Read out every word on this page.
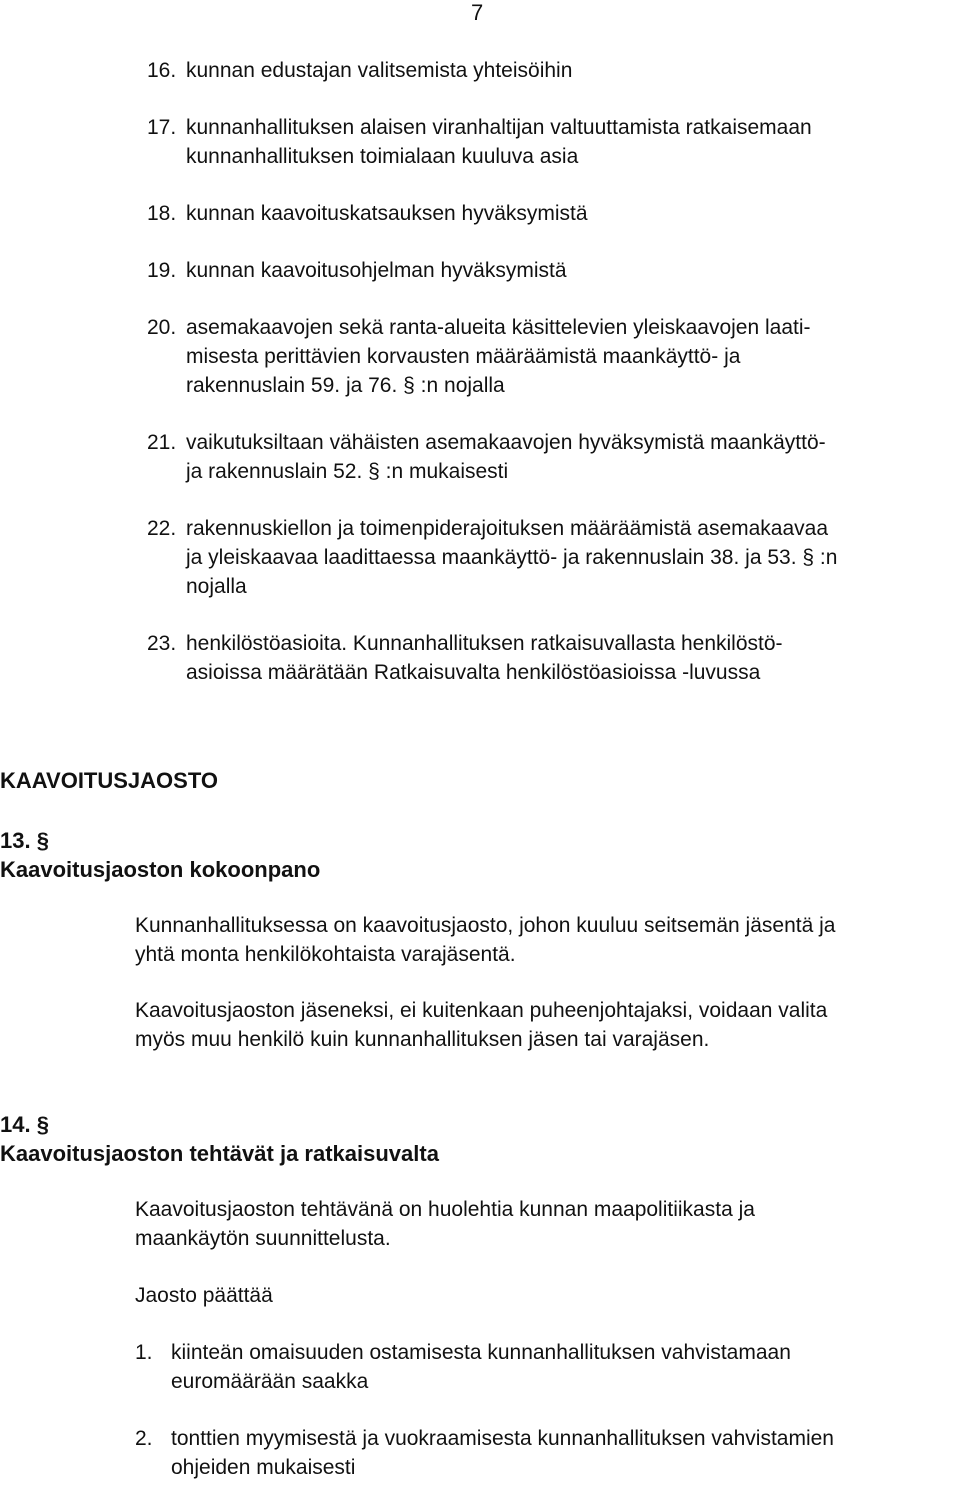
7
16. kunnan edustajan valitsemista yhteisöihin
17. kunnanhallituksen alaisen viranhaltijan valtuuttamista ratkaisemaan
kunnanhallituksen toimialaan kuuluva asia
18. kunnan kaavoituskatsauksen hyväksymistä
19. kunnan kaavoitusohjelman hyväksymistä
20. asemakaavojen sekä ranta-alueita käsittelevien yleiskaavojen laati-
misesta perittävien korvausten määräämistä maankäyttö- ja
rakennuslain 59. ja 76. § :n nojalla
21. vaikutuksiltaan vähäisten asemakaavojen hyväksymistä maankäyttö-
ja rakennuslain 52. § :n mukaisesti
22. rakennuskiellon ja toimenpiderajoituksen määräämistä asemakaavaa
ja yleiskaavaa laadittaessa maankäyttö- ja rakennuslain 38. ja 53. § :n
nojalla
23. henkilöstöasioita. Kunnanhallituksen ratkaisuvallasta henkilöstö-
asioissa määrätään Ratkaisuvalta henkilöstöasioissa -luvussa
KAAVOITUSJAOSTO
13. §
Kaavoitusjaoston kokoonpano
Kunnanhallituksessa on kaavoitusjaosto, johon kuuluu seitsemän jäsentä ja
yhtä monta henkilökohtaista varajäsentä.
Kaavoitusjaoston jäseneksi, ei kuitenkaan puheenjohtajaksi, voidaan valita
myös muu henkilö kuin kunnanhallituksen jäsen tai varajäsen.
14. §
Kaavoitusjaoston tehtävät ja ratkaisuvalta
Kaavoitusjaoston tehtävänä on huolehtia kunnan maapolitiikasta ja
maankäytön suunnittelusta.
Jaosto päättää
1. kiinteän omaisuuden ostamisesta kunnanhallituksen vahvistamaan
euromäärään saakka
2. tonttien myymisestä ja vuokraamisesta kunnanhallituksen vahvistamien
ohjeiden mukaisesti
